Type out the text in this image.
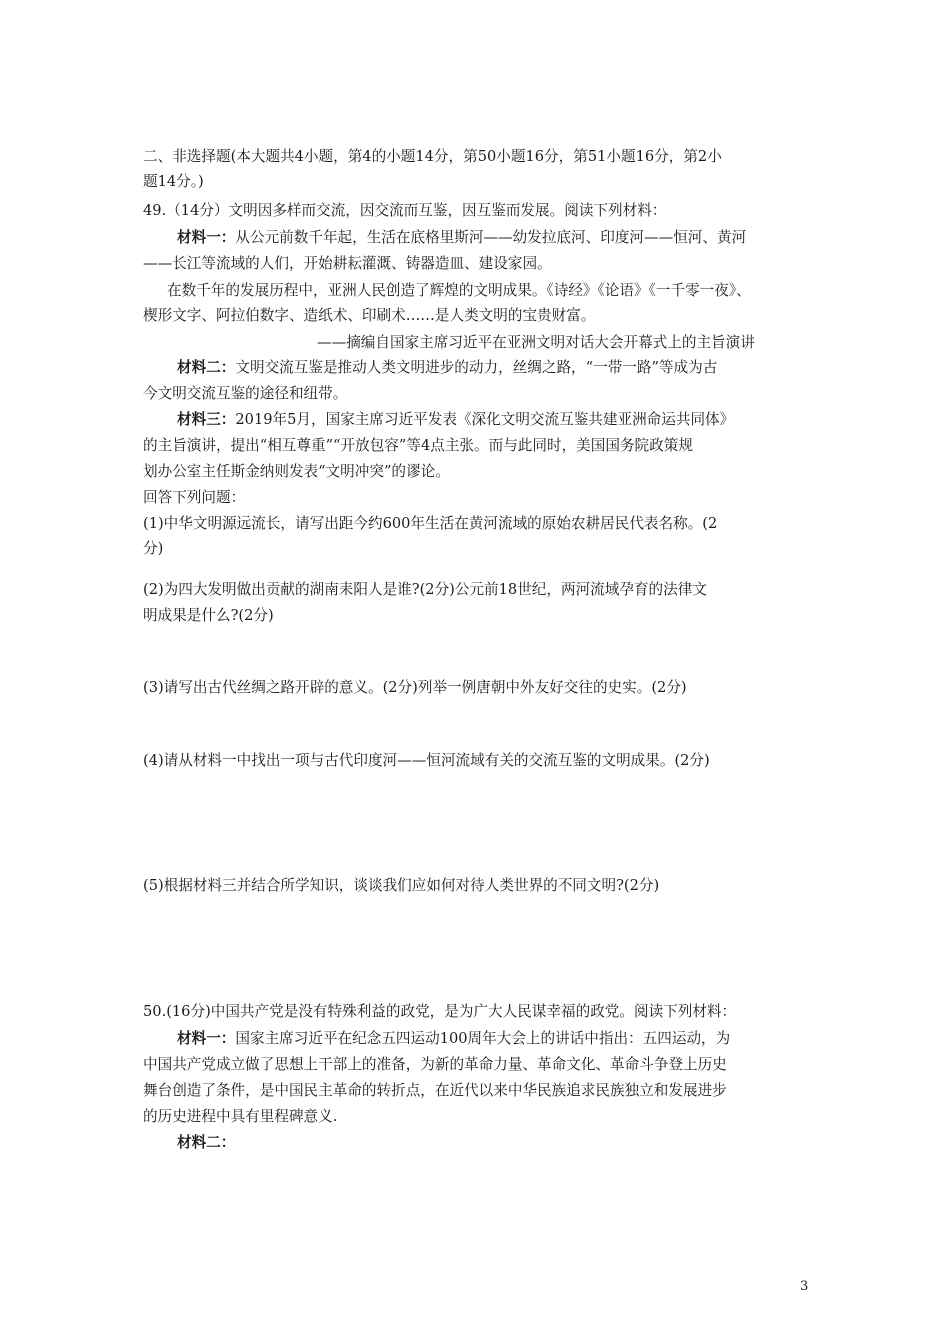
二、非选择题(本大题共4小题，第4的小题14分，第50小题16分，第51小题16分，第2小
题14分。)
49.（14分）文明因多样而交流，因交流而互鉴，因互鉴而发展。阅读下列材料：
材料一：从公元前数千年起，生活在底格里斯河——幼发拉底河、印度河——恒河、黄河
——长江等流域的人们，开始耕耘灌溉、铸器造皿、建设家园。
在数千年的发展历程中，亚洲人民创造了辉煌的文明成果。《诗经》《论语》《一千零一夜》、
楔形文字、阿拉伯数字、造纸术、印刷术……是人类文明的宝贵财富。
——摘编自国家主席习近平在亚洲文明对话大会开幕式上的主旨演讲
材料二：文明交流互鉴是推动人类文明进步的动力，丝绸之路，“一带一路”等成为古
今文明交流互鉴的途径和纽带。
材料三：2019年5月，国家主席习近平发表《深化文明交流互鉴共建亚洲命运共同体》
的主旨演讲，提出“相互尊重”“开放包容”等4点主张。而与此同时，美国国务院政策规
划办公室主任斯金纳则发表“文明冲突”的谬论。
回答下列问题：
(1)中华文明源远流长，请写出距今约600年生活在黄河流域的原始农耕居民代表名称。(2
分)
(2)为四大发明做出贡献的湖南耒阳人是谁?(2分)公元前18世纪，两河流域孕育的法律文
明成果是什么?(2分)
(3)请写出古代丝绸之路开辟的意义。(2分)列举一例唐朝中外友好交往的史实。(2分)
(4)请从材料一中找出一项与古代印度河——恒河流域有关的交流互鉴的文明成果。(2分)
(5)根据材料三并结合所学知识，谈谈我们应如何对待人类世界的不同文明?(2分)
50.(16分)中国共产党是没有特殊利益的政党，是为广大人民谋幸福的政党。阅读下列材料：
材料一：国家主席习近平在纪念五四运动100周年大会上的讲话中指出：五四运动，为
中国共产党成立做了思想上干部上的准备，为新的革命力量、革命文化、革命斗争登上历史
舞台创造了条件，是中国民主革命的转折点，在近代以来中华民族追求民族独立和发展进步
的历史进程中具有里程碑意义.
材料二：
3
